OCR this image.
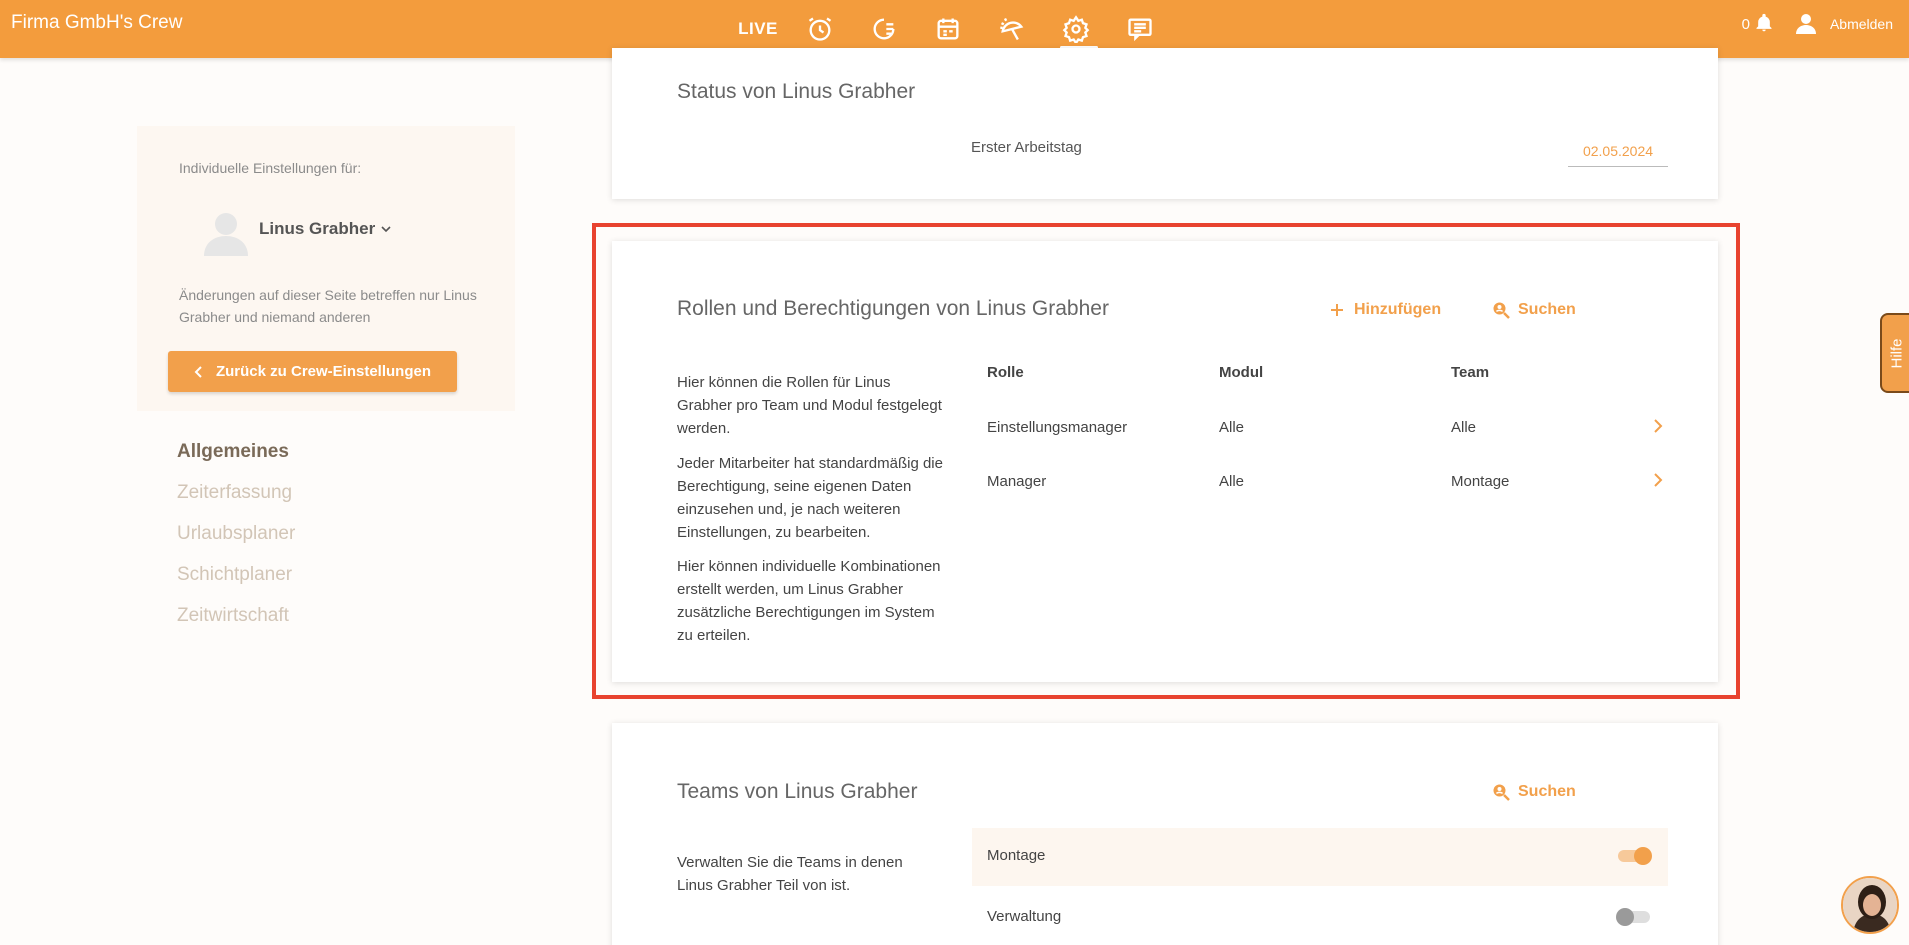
Firma GmbH's Crew	LIVE	0	Abmelden
Individuelle Einstellungen für:
Linus Grabher
Änderungen auf dieser Seite betreffen nur Linus Grabher und niemand anderen
Zurück zu Crew-Einstellungen
Allgemeines
Zeiterfassung
Urlaubsplaner
Schichtplaner
Zeitwirtschaft
Status von Linus Grabher
Erster Arbeitstag	02.05.2024
Rollen und Berechtigungen von Linus Grabher	Hinzufügen	Suchen
Hier können die Rollen für Linus Grabher pro Team und Modul festgelegt werden.
Jeder Mitarbeiter hat standardmäßig die Berechtigung, seine eigenen Daten einzusehen und, je nach weiteren Einstellungen, zu bearbeiten.
Hier können individuelle Kombinationen erstellt werden, um Linus Grabher zusätzliche Berechtigungen im System zu erteilen.
Rolle	Modul	Team
Einstellungsmanager	Alle	Alle
Manager	Alle	Montage
Teams von Linus Grabher	Suchen
Verwalten Sie die Teams in denen Linus Grabher Teil von ist.
Montage
Verwaltung
Hilfe
